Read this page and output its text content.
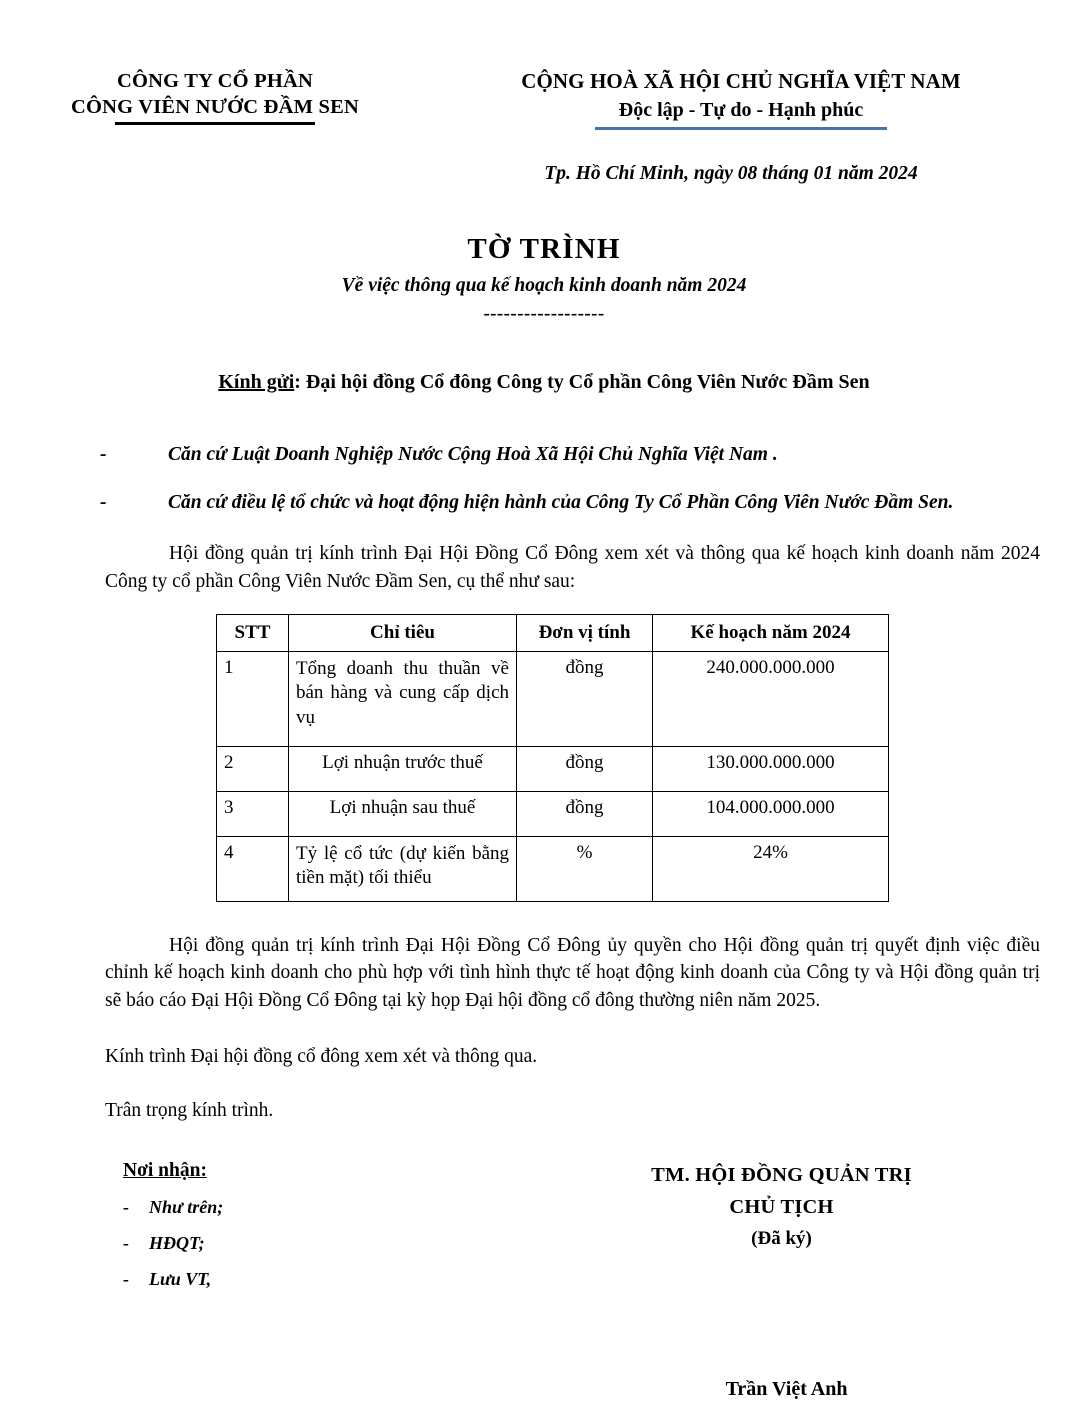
CÔNG TY CỔ PHẦN
CÔNG VIÊN NƯỚC ĐẦM SEN
CỘNG HOÀ XÃ HỘI CHỦ NGHĨA VIỆT NAM
Độc lập - Tự do - Hạnh phúc
Tp. Hồ Chí Minh, ngày 08 tháng 01 năm 2024
TỜ TRÌNH
Về việc thông qua kế hoạch kinh doanh năm 2024
------------------
Kính gửi: Đại hội đồng Cổ đông Công ty Cổ phần Công Viên Nước Đầm Sen
-	Căn cứ Luật Doanh Nghiệp Nước Cộng Hoà Xã Hội Chủ Nghĩa Việt Nam .
-	Căn cứ điều lệ tổ chức và hoạt động hiện hành của Công Ty Cổ Phần Công Viên Nước Đầm Sen.

Hội đồng quản trị kính trình Đại Hội Đồng Cổ Đông xem xét và thông qua kế hoạch kinh doanh năm 2024 Công ty cổ phần Công Viên Nước Đầm Sen, cụ thể như sau:

STT	Chỉ tiêu	Đơn vị tính	Kế hoạch năm 2024
1	Tổng doanh thu thuần về bán hàng và cung cấp dịch vụ	đồng	240.000.000.000
2	Lợi nhuận trước thuế	đồng	130.000.000.000
3	Lợi nhuận sau thuế	đồng	104.000.000.000
4	Tỷ lệ cổ tức (dự kiến bằng tiền mặt) tối thiểu	%	24%

Hội đồng quản trị kính trình Đại Hội Đồng Cổ Đông ủy quyền cho Hội đồng quản trị quyết định việc điều chỉnh kế hoạch kinh doanh cho phù hợp với tình hình thực tế hoạt động kinh doanh của Công ty và Hội đồng quản trị sẽ báo cáo Đại Hội Đồng Cổ Đông tại kỳ họp Đại hội đồng cổ đông thường niên năm 2025.

Kính trình Đại hội đồng cổ đông xem xét và thông qua.
Trân trọng kính trình.
Nơi nhận:
-	Như trên;
-	HĐQT;
-	Lưu VT,
TM. HỘI ĐỒNG QUẢN TRỊ
CHỦ TỊCH
(Đã ký)
Trần Việt Anh
